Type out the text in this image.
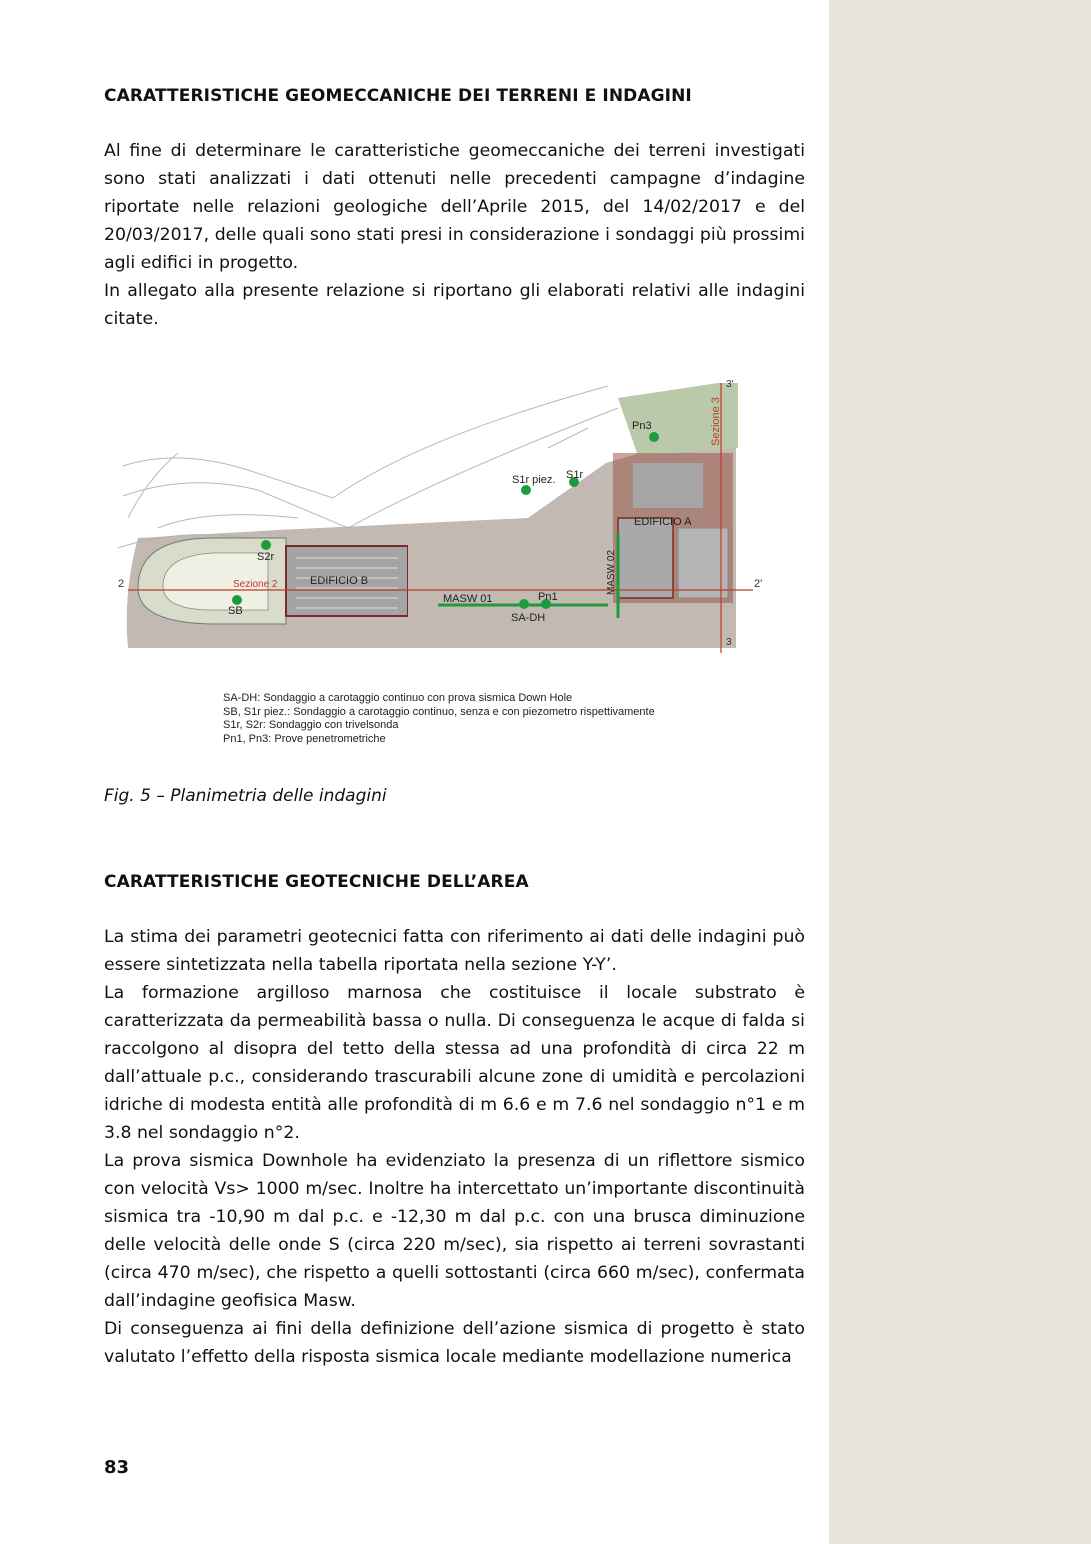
CARATTERISTICHE GEOMECCANICHE DEI TERRENI E INDAGINI
Al fine di determinare le caratteristiche geomeccaniche dei terreni investigati sono stati analizzati i dati ottenuti nelle precedenti campagne d’indagine riportate nelle relazioni geologiche dell’Aprile 2015, del 14/02/2017 e del 20/03/2017, delle quali sono stati presi in considerazione i sondaggi più prossimi agli edifici in progetto.
In allegato alla presente relazione si riportano gli elaborati relativi alle indagini citate.
Sezione 3
3'
3
2	2'
Pn3
S1r piez. S1r
EDIFICIO A
S2r	MASW 02
Sezione 2	EDIFICIO B
SB
MASW 01	Pn1
SA-DH
SA-DH: Sondaggio a carotaggio continuo con prova sismica Down Hole
SB, S1r piez.: Sondaggio a carotaggio continuo, senza e con piezometro rispettivamente
S1r, S2r: Sondaggio con trivelsonda
Pn1, Pn3: Prove penetrometriche
Fig. 5 – Planimetria delle indagini
CARATTERISTICHE GEOTECNICHE DELL’AREA
La stima dei parametri geotecnici fatta con riferimento ai dati delle indagini può essere sintetizzata nella tabella riportata nella sezione Y-Y’.
La formazione argilloso marnosa che costituisce il locale substrato è caratterizzata da permeabilità bassa o nulla. Di conseguenza le acque di falda si raccolgono al disopra del tetto della stessa ad una profondità di circa 22 m dall’attuale p.c., considerando trascurabili alcune zone di umidità e percolazioni idriche di modesta entità alle profondità di m 6.6 e m 7.6 nel sondaggio n°1 e m 3.8 nel sondaggio n°2.
La prova sismica Downhole ha evidenziato la presenza di un riflettore sismico con velocità Vs> 1000 m/sec. Inoltre ha intercettato un’importante discontinuità sismica tra -10,90 m dal p.c. e -12,30 m dal p.c. con una brusca diminuzione delle velocità delle onde S (circa 220 m/sec), sia rispetto ai terreni sovrastanti (circa 470 m/sec), che rispetto a quelli sottostanti (circa 660 m/sec), confermata dall’indagine geofisica Masw.
Di conseguenza ai fini della definizione dell’azione sismica di progetto è stato valutato l’effetto della risposta sismica locale mediante modellazione numerica
83
